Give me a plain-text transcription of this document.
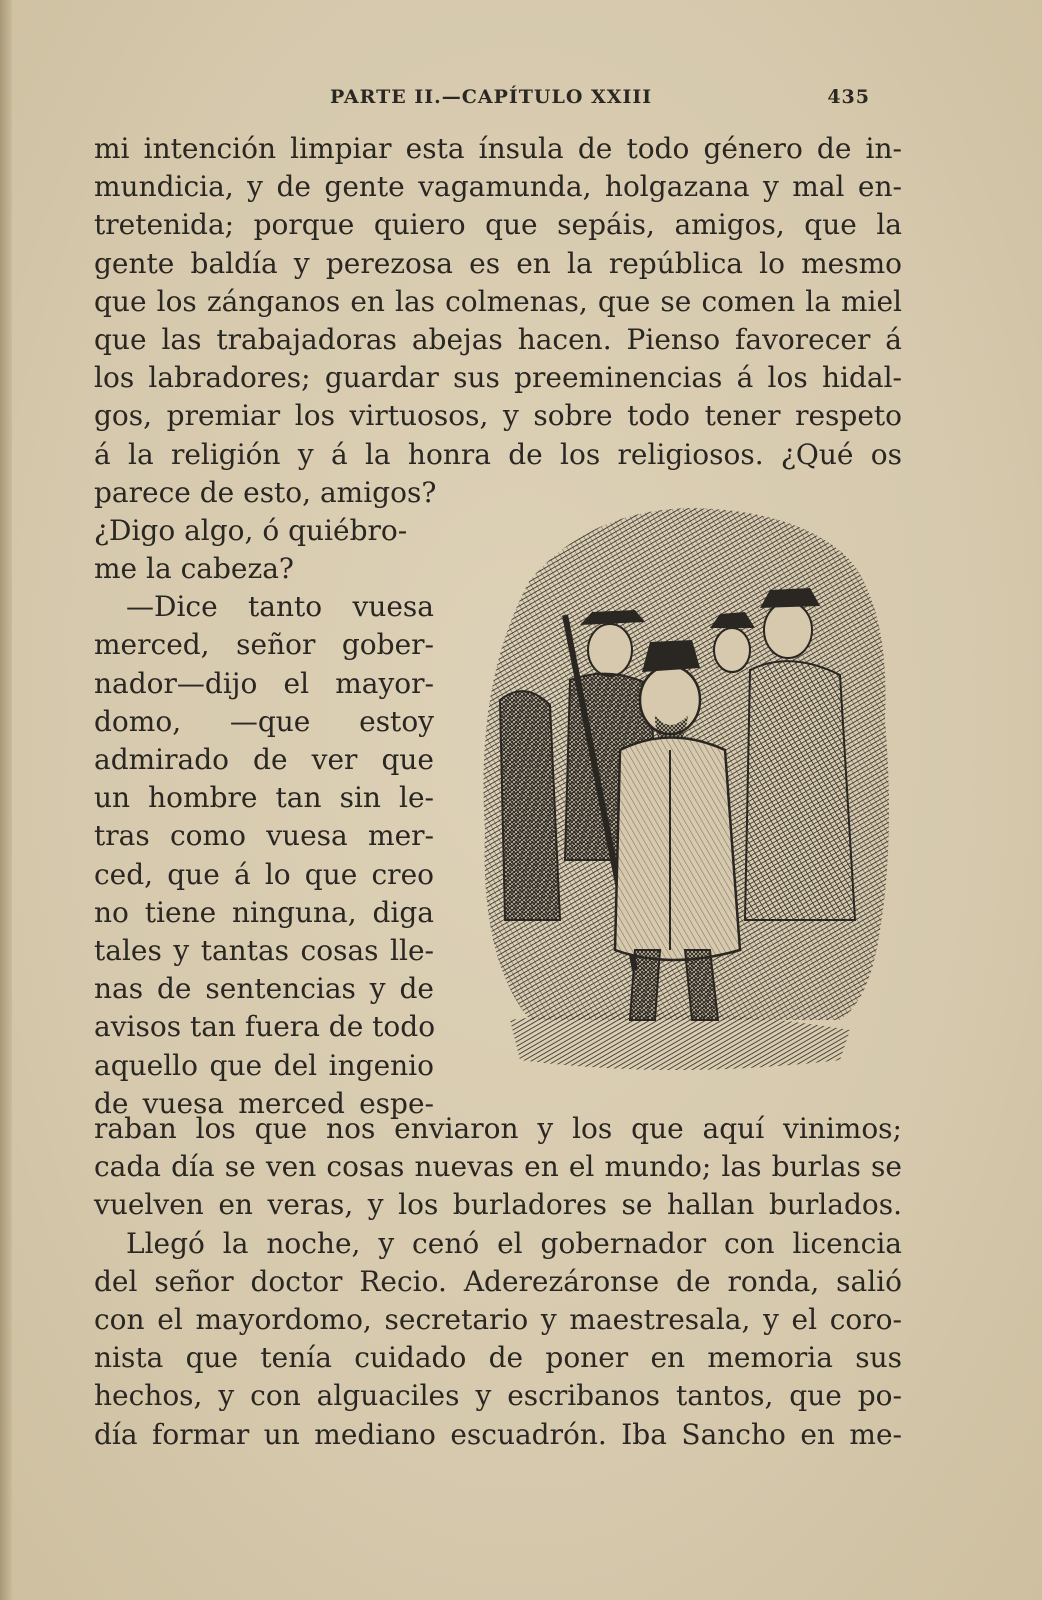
PARTE II.—CAPÍTULO XXIII	435
mi intención limpiar esta ínsula de todo género de in-
mundicia, y de gente vagamunda, holgazana y mal en-
tretenida; porque quiero que sepáis, amigos, que la
gente baldía y perezosa es en la república lo mesmo
que los zánganos en las colmenas, que se comen la miel
que las trabajadoras abejas hacen. Pienso favorecer á
los labradores; guardar sus preeminencias á los hidal-
gos, premiar los virtuosos, y sobre todo tener respeto
á la religión y á la honra de los religiosos. ¿Qué os
parece de esto, amigos?
¿Digo algo, ó quiébro-
me la cabeza?
—Dice tanto vuesa
merced, señor gober-
nador—dijo el mayor-
domo, —que estoy
admirado de ver que
un hombre tan sin le-
tras como vuesa mer-
ced, que á lo que creo
no tiene ninguna, diga
tales y tantas cosas lle-
nas de sentencias y de
avisos tan fuera de todo
aquello que del ingenio
de vuesa merced espe-
raban los que nos enviaron y los que aquí vinimos;
cada día se ven cosas nuevas en el mundo; las burlas se
vuelven en veras, y los burladores se hallan burlados.
Llegó la noche, y cenó el gobernador con licencia
del señor doctor Recio. Aderezáronse de ronda, salió
con el mayordomo, secretario y maestresala, y el coro-
nista que tenía cuidado de poner en memoria sus
hechos, y con alguaciles y escribanos tantos, que po-
día formar un mediano escuadrón. Iba Sancho en me-
